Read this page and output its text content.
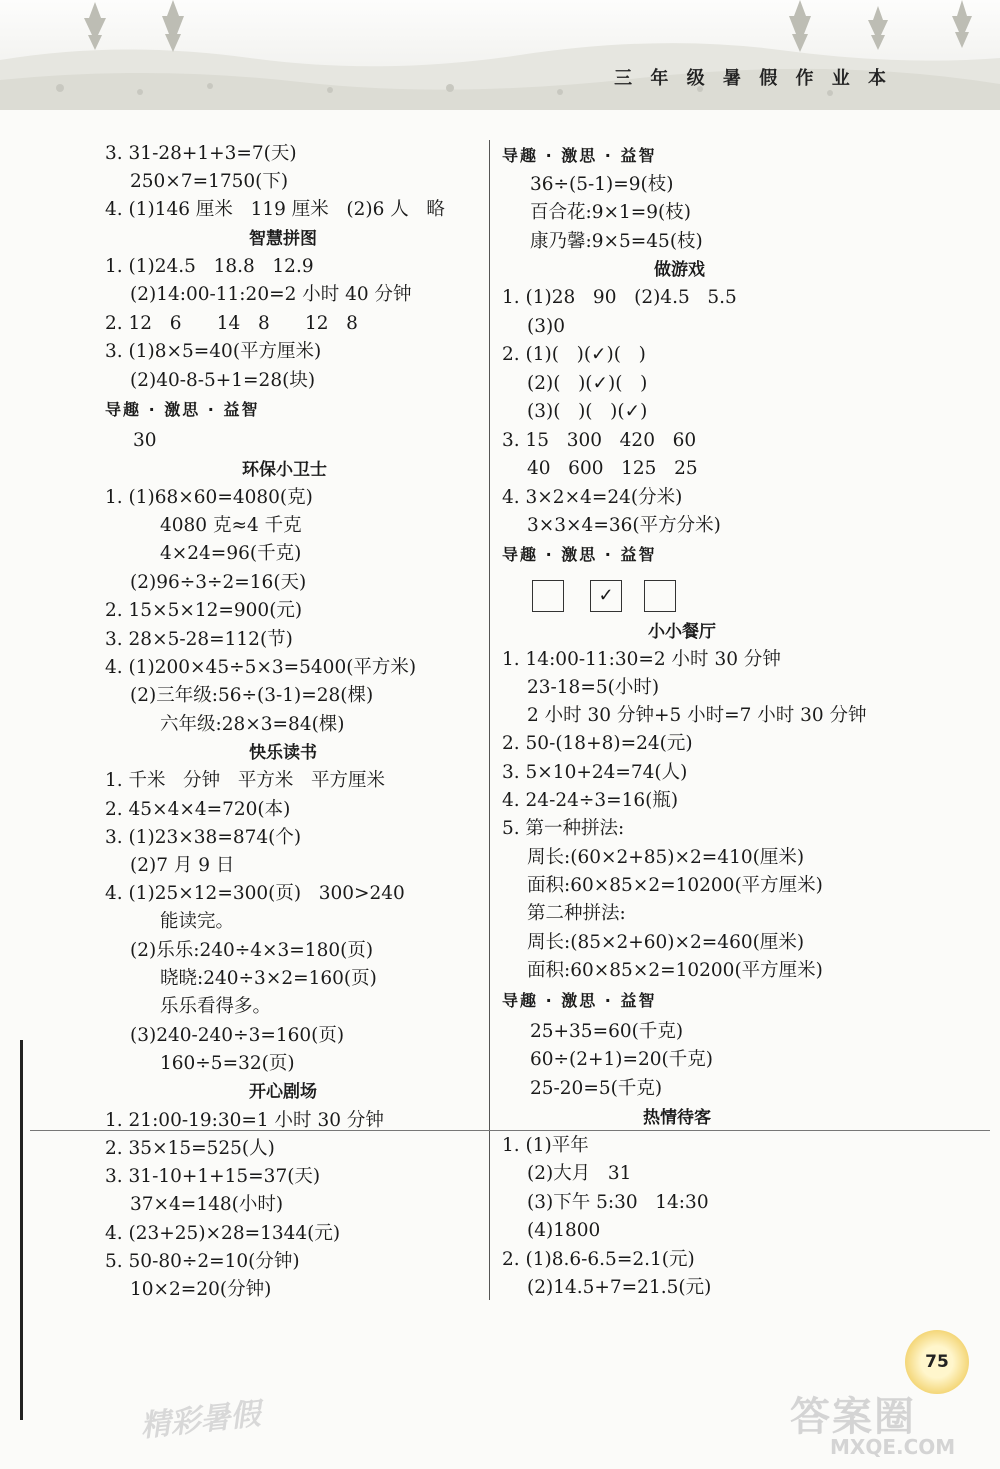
三 年 级 暑 假 作 业 本
3. 31-28+1+3=7(天)
250×7=1750(下)
4. (1)146 厘米   119 厘米   (2)6 人   略
智慧拼图
1. (1)24.5   18.8   12.9
(2)14:00-11:20=2 小时 40 分钟
2. 12   6      14   8      12   8
3. (1)8×5=40(平方厘米)
(2)40-8-5+1=28(块)
导趣 · 激思 · 益智
30
环保小卫士
1. (1)68×60=4080(克)
4080 克≈4 千克
4×24=96(千克)
(2)96÷3÷2=16(天)
2. 15×5×12=900(元)
3. 28×5-28=112(节)
4. (1)200×45÷5×3=5400(平方米)
(2)三年级:56÷(3-1)=28(棵)
六年级:28×3=84(棵)
快乐读书
1. 千米   分钟   平方米   平方厘米
2. 45×4×4=720(本)
3. (1)23×38=874(个)
(2)7 月 9 日
4. (1)25×12=300(页)   300>240
能读完。
(2)乐乐:240÷4×3=180(页)
晓晓:240÷3×2=160(页)
乐乐看得多。
(3)240-240÷3=160(页)
160÷5=32(页)
开心剧场
1. 21:00-19:30=1 小时 30 分钟
2. 35×15=525(人)
3. 31-10+1+15=37(天)
37×4=148(小时)
4. (23+25)×28=1344(元)
5. 50-80÷2=10(分钟)
10×2=20(分钟)
✓
导趣 · 激思 · 益智
36÷(5-1)=9(枝)
百合花:9×1=9(枝)
康乃馨:9×5=45(枝)
做游戏
1. (1)28   90   (2)4.5   5.5
(3)0
2. (1)(   )(✓)(   )
(2)(   )(✓)(   )
(3)(   )(   )(✓)
3. 15   300   420   60
40   600   125   25
4. 3×2×4=24(分米)
3×3×4=36(平方分米)
导趣 · 激思 · 益智
小小餐厅
1. 14:00-11:30=2 小时 30 分钟
23-18=5(小时)
2 小时 30 分钟+5 小时=7 小时 30 分钟
2. 50-(18+8)=24(元)
3. 5×10+24=74(人)
4. 24-24÷3=16(瓶)
5. 第一种拼法:
周长:(60×2+85)×2=410(厘米)
面积:60×85×2=10200(平方厘米)
第二种拼法:
周长:(85×2+60)×2=460(厘米)
面积:60×85×2=10200(平方厘米)
导趣 · 激思 · 益智
25+35=60(千克)
60÷(2+1)=20(千克)
25-20=5(千克)
热情待客
1. (1)平年
(2)大月   31
(3)下午 5:30   14:30
(4)1800
2. (1)8.6-6.5=2.1(元)
(2)14.5+7=21.5(元)
75
精彩暑假	答案圈
MXQE.COM
